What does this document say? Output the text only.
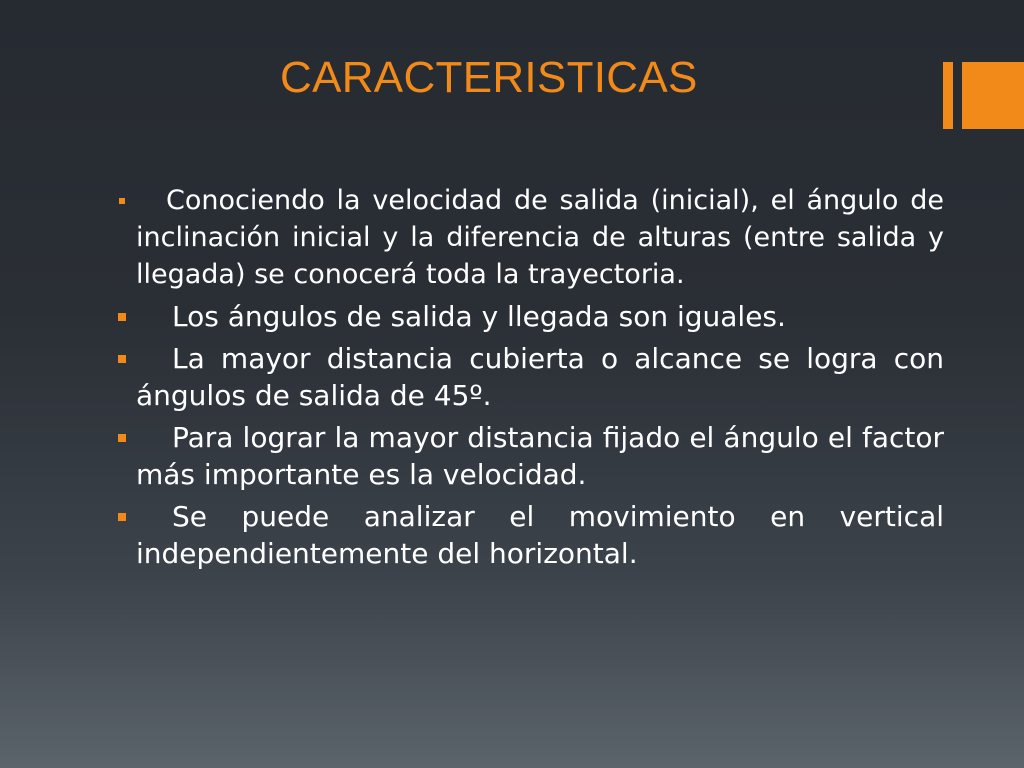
CARACTERISTICAS
Conociendo la velocidad de salida (inicial), el ángulo de inclinación inicial y la diferencia de alturas (entre salida y llegada) se conocerá toda la trayectoria.
Los ángulos de salida y llegada son iguales.
La mayor distancia cubierta o alcance se logra con ángulos de salida de 45º.
Para lograr la mayor distancia fijado el ángulo el factor más importante es la velocidad.
Se puede analizar el movimiento en vertical independientemente del horizontal.
